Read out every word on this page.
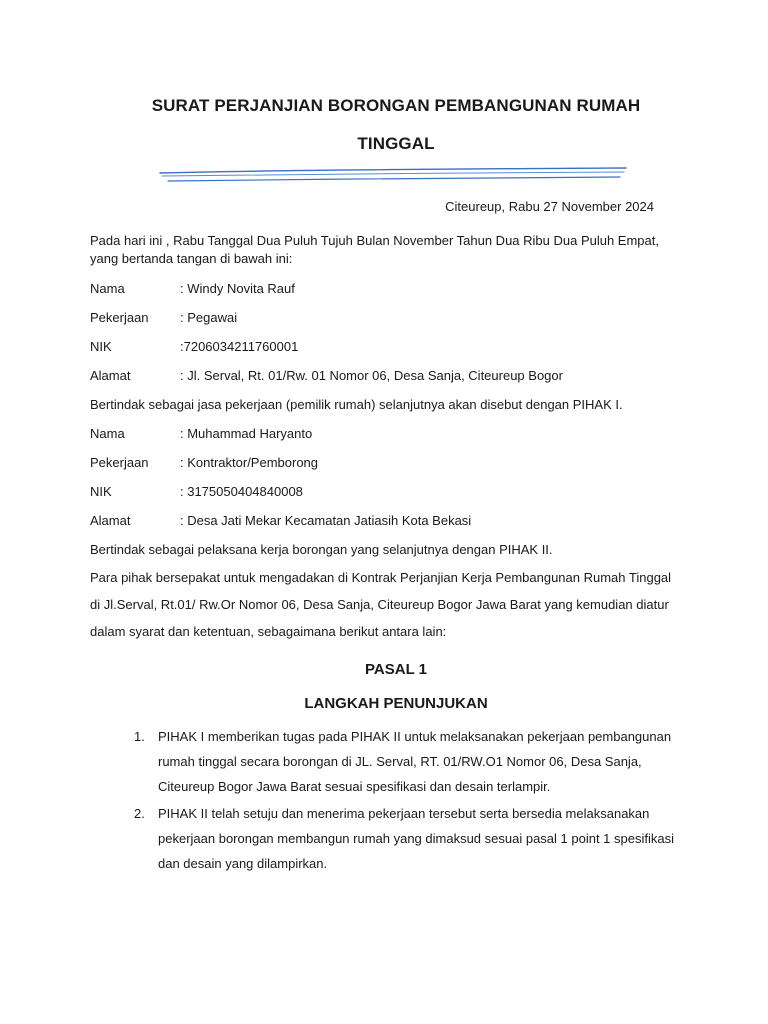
SURAT PERJANJIAN BORONGAN PEMBANGUNAN RUMAH
TINGGAL
Citeureup, Rabu 27 November 2024

Pada hari ini , Rabu Tanggal Dua Puluh Tujuh Bulan November Tahun Dua Ribu Dua Puluh Empat, yang bertanda tangan di bawah ini:

Nama	: Windy Novita Rauf
Pekerjaan	: Pegawai
NIK	:7206034211760001
Alamat	: Jl. Serval, Rt. 01/Rw. 01 Nomor 06, Desa Sanja, Citeureup Bogor

Bertindak sebagai jasa pekerjaan (pemilik rumah) selanjutnya akan disebut dengan PIHAK I.

Nama	: Muhammad Haryanto
Pekerjaan	: Kontraktor/Pemborong
NIK	: 3175050404840008
Alamat	: Desa Jati Mekar Kecamatan Jatiasih Kota Bekasi

Bertindak sebagai pelaksana kerja borongan yang selanjutnya dengan PIHAK II.

Para pihak bersepakat untuk mengadakan di Kontrak Perjanjian Kerja Pembangunan Rumah Tinggal di Jl.Serval, Rt.01/ Rw.Or Nomor 06, Desa Sanja, Citeureup Bogor Jawa Barat yang kemudian diatur dalam syarat dan ketentuan, sebagaimana berikut antara lain:

PASAL 1
LANGKAH PENUNJUKAN
1. PIHAK I memberikan tugas pada PIHAK II untuk melaksanakan pekerjaan pembangunan rumah tinggal secara borongan di JL. Serval, RT. 01/RW.O1 Nomor 06, Desa Sanja, Citeureup Bogor Jawa Barat sesuai spesifikasi dan desain terlampir.
2. PIHAK II telah setuju dan menerima pekerjaan tersebut serta bersedia melaksanakan pekerjaan borongan membangun rumah yang dimaksud sesuai pasal 1 point 1 spesifikasi dan desain yang dilampirkan.
